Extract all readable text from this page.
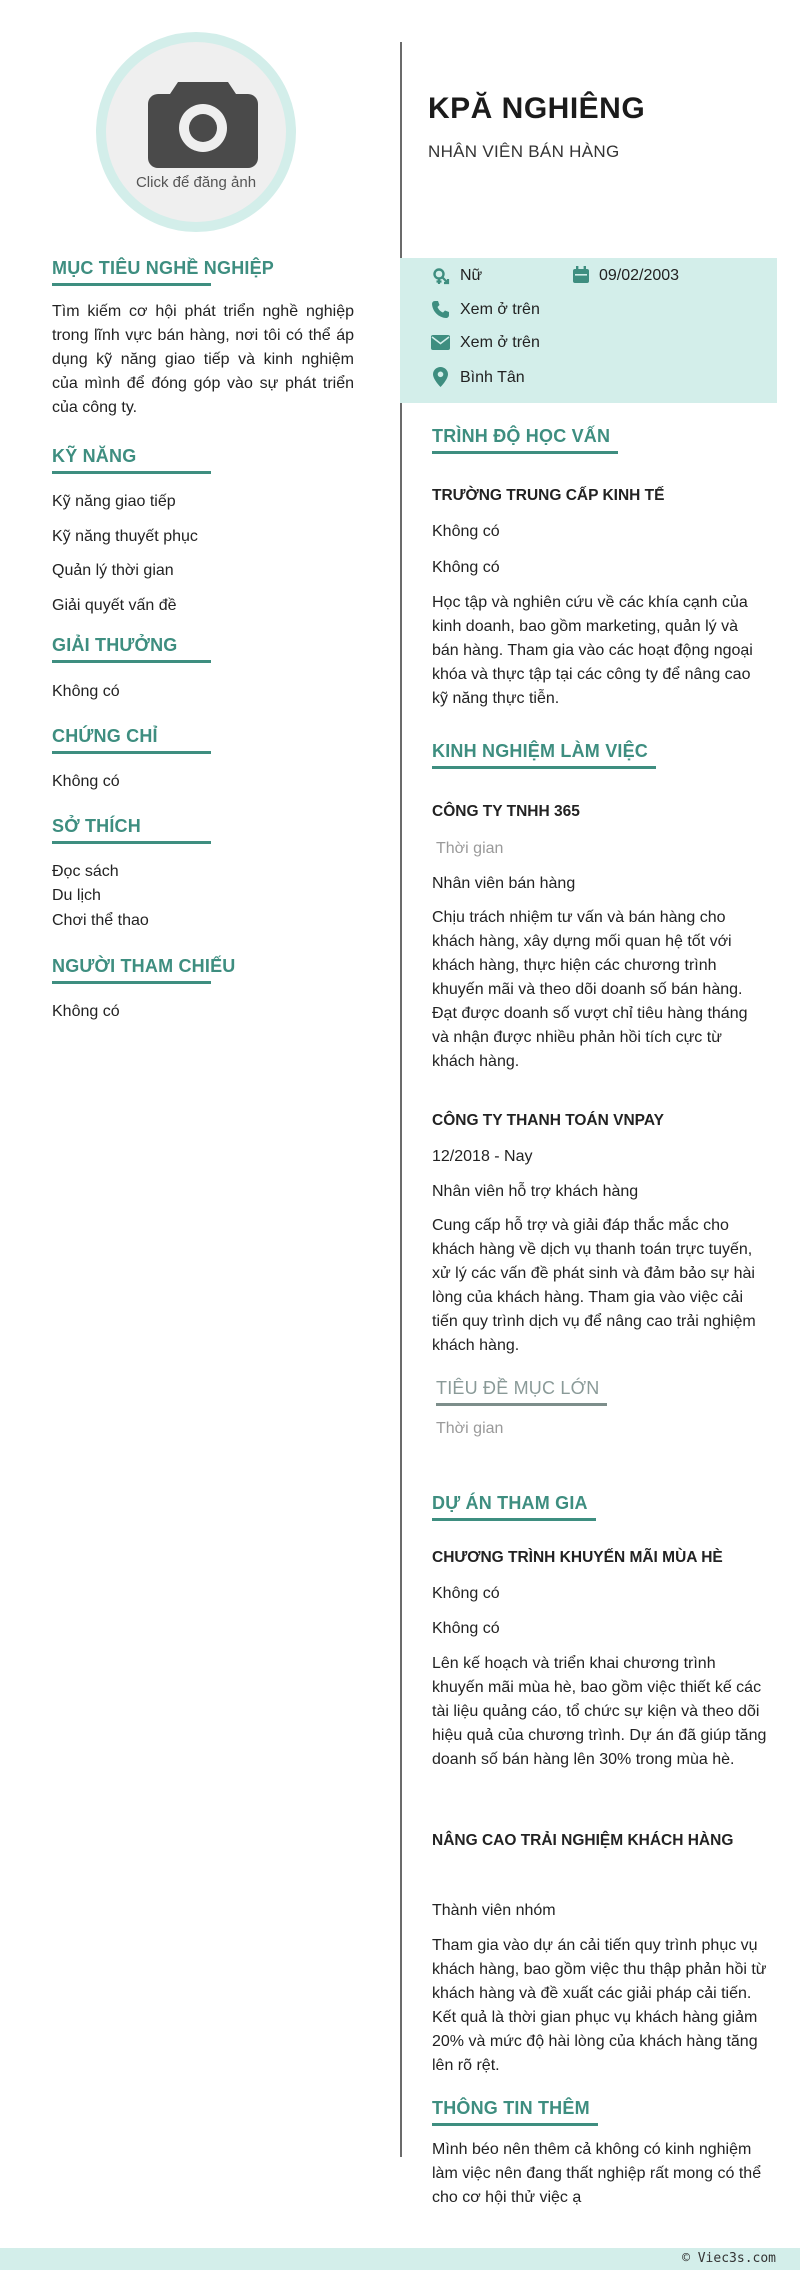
Click để đăng ảnh
MỤC TIÊU NGHỀ NGHIỆP
Tìm kiếm cơ hội phát triển nghề nghiệp trong lĩnh vực bán hàng, nơi tôi có thể áp dụng kỹ năng giao tiếp và kinh nghiệm của mình để đóng góp vào sự phát triển của công ty.
KỸ NĂNG
Kỹ năng giao tiếp
Kỹ năng thuyết phục
Quản lý thời gian
Giải quyết vấn đề
GIẢI THƯỞNG
Không có
CHỨNG CHỈ
Không có
SỞ THÍCH
Đọc sách
Du lịch
Chơi thể thao
NGƯỜI THAM CHIẾU
Không có
KPĂ NGHIÊNG
NHÂN VIÊN BÁN HÀNG
Nữ	09/02/2003
Xem ở trên
Xem ở trên
Bình Tân
TRÌNH ĐỘ HỌC VẤN
TRƯỜNG TRUNG CẤP KINH TẾ
Không có
Không có
Học tập và nghiên cứu về các khía cạnh của kinh doanh, bao gồm marketing, quản lý và bán hàng. Tham gia vào các hoạt động ngoại khóa và thực tập tại các công ty để nâng cao kỹ năng thực tiễn.
KINH NGHIỆM LÀM VIỆC
CÔNG TY TNHH 365
Thời gian
Nhân viên bán hàng
Chịu trách nhiệm tư vấn và bán hàng cho khách hàng, xây dựng mối quan hệ tốt với khách hàng, thực hiện các chương trình khuyến mãi và theo dõi doanh số bán hàng. Đạt được doanh số vượt chỉ tiêu hàng tháng và nhận được nhiều phản hồi tích cực từ khách hàng.
CÔNG TY THANH TOÁN VNPAY
12/2018 - Nay
Nhân viên hỗ trợ khách hàng
Cung cấp hỗ trợ và giải đáp thắc mắc cho khách hàng về dịch vụ thanh toán trực tuyến, xử lý các vấn đề phát sinh và đảm bảo sự hài lòng của khách hàng. Tham gia vào việc cải tiến quy trình dịch vụ để nâng cao trải nghiệm khách hàng.
TIÊU ĐỀ MỤC LỚN
Thời gian
DỰ ÁN THAM GIA
CHƯƠNG TRÌNH KHUYẾN MÃI MÙA HÈ
Không có
Không có
Lên kế hoạch và triển khai chương trình khuyến mãi mùa hè, bao gồm việc thiết kế các tài liệu quảng cáo, tổ chức sự kiện và theo dõi hiệu quả của chương trình. Dự án đã giúp tăng doanh số bán hàng lên 30% trong mùa hè.
NÂNG CAO TRẢI NGHIỆM KHÁCH HÀNG
Thành viên nhóm
Tham gia vào dự án cải tiến quy trình phục vụ khách hàng, bao gồm việc thu thập phản hồi từ khách hàng và đề xuất các giải pháp cải tiến. Kết quả là thời gian phục vụ khách hàng giảm 20% và mức độ hài lòng của khách hàng tăng lên rõ rệt.
THÔNG TIN THÊM
Mình béo nên thêm cả không có kinh nghiệm làm việc nên đang thất nghiệp rất mong có thể cho cơ hội thử việc ạ
© Viec3s.com
